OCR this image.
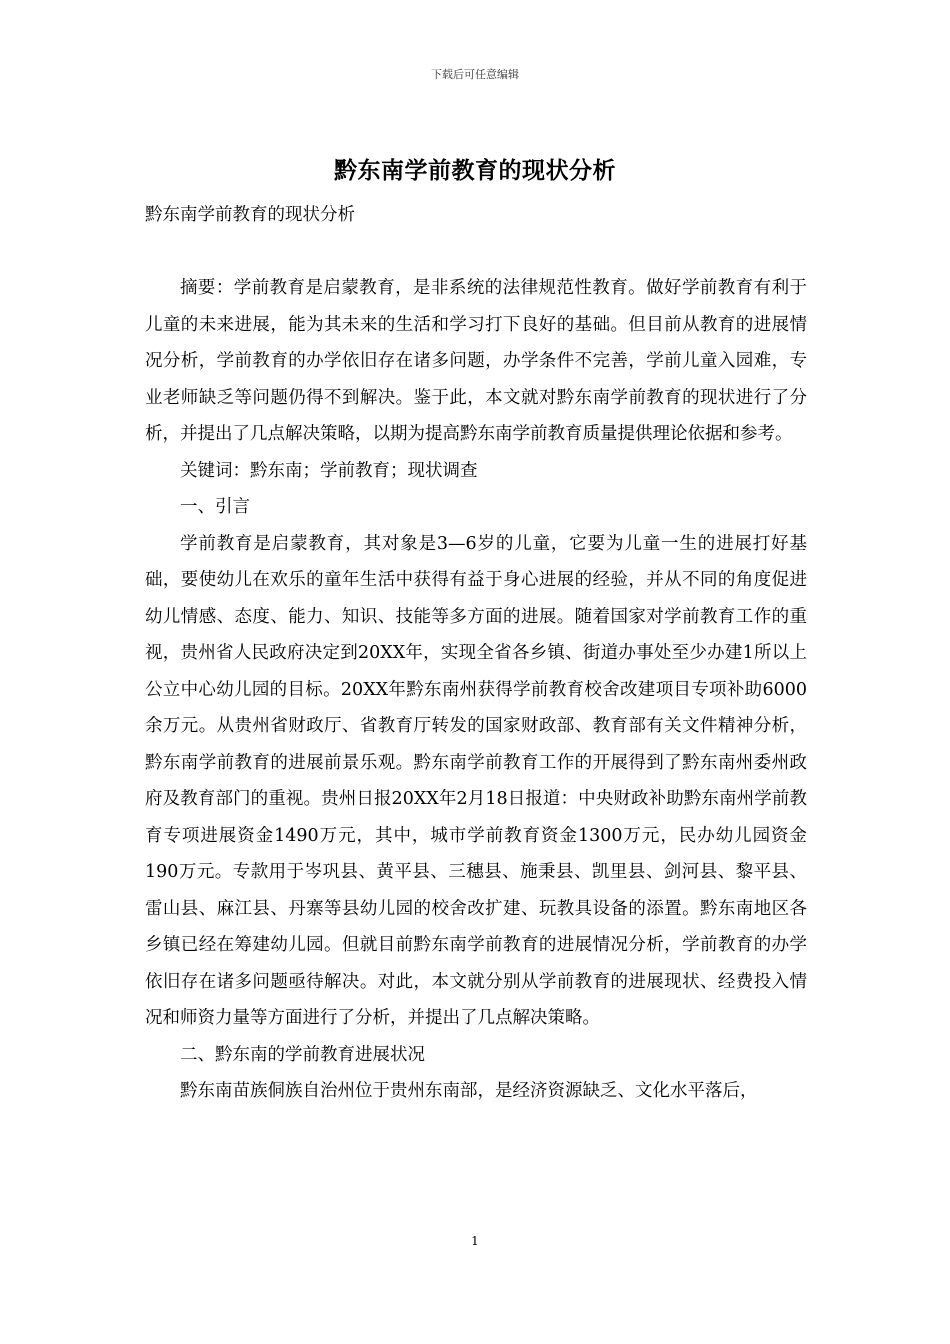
下载后可任意编辑
黔东南学前教育的现状分析
黔东南学前教育的现状分析

摘要：学前教育是启蒙教育，是非系统的法律规范性教育。做好学前教育有利于儿童的未来进展，能为其未来的生活和学习打下良好的基础。但目前从教育的进展情况分析，学前教育的办学依旧存在诸多问题，办学条件不完善，学前儿童入园难，专业老师缺乏等问题仍得不到解决。鉴于此，本文就对黔东南学前教育的现状进行了分析，并提出了几点解决策略，以期为提高黔东南学前教育质量提供理论依据和参考。

关键词：黔东南；学前教育；现状调查

一、引言

学前教育是启蒙教育，其对象是3—6岁的儿童，它要为儿童一生的进展打好基础，要使幼儿在欢乐的童年生活中获得有益于身心进展的经验，并从不同的角度促进幼儿情感、态度、能力、知识、技能等多方面的进展。随着国家对学前教育工作的重视，贵州省人民政府决定到20XX年，实现全省各乡镇、街道办事处至少办建1所以上公立中心幼儿园的目标。20XX年黔东南州获得学前教育校舍改建项目专项补助6000余万元。从贵州省财政厅、省教育厅转发的国家财政部、教育部有关文件精神分析，黔东南学前教育的进展前景乐观。黔东南学前教育工作的开展得到了黔东南州委州政府及教育部门的重视。贵州日报20XX年2月18日报道：中央财政补助黔东南州学前教育专项进展资金1490万元，其中，城市学前教育资金1300万元，民办幼儿园资金190万元。专款用于岑巩县、黄平县、三穗县、施秉县、凯里县、剑河县、黎平县、雷山县、麻江县、丹寨等县幼儿园的校舍改扩建、玩教具设备的添置。黔东南地区各乡镇已经在筹建幼儿园。但就目前黔东南学前教育的进展情况分析，学前教育的办学依旧存在诸多问题亟待解决。对此，本文就分别从学前教育的进展现状、经费投入情况和师资力量等方面进行了分析，并提出了几点解决策略。

二、黔东南的学前教育进展状况

黔东南苗族侗族自治州位于贵州东南部，是经济资源缺乏、文化水平落后，

1
